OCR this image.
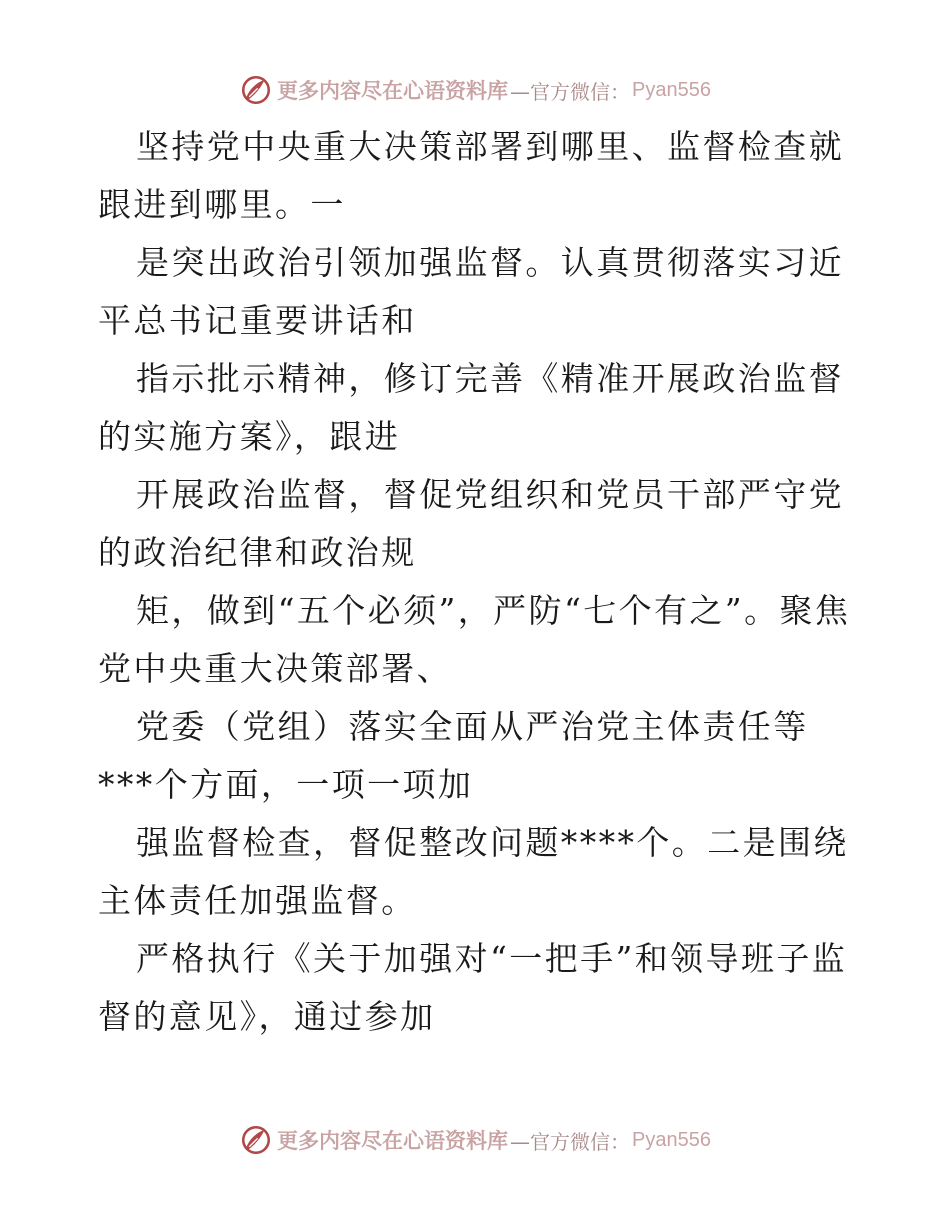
更多内容尽在心语资料库 —官方微信： Pyan556

坚持党中央重大决策部署到哪里、监督检查就跟进到哪里。一

是突出政治引领加强监督。认真贯彻落实习近平总书记重要讲话和

指示批示精神，修订完善《精准开展政治监督的实施方案》，跟进

开展政治监督，督促党组织和党员干部严守党的政治纪律和政治规

矩，做到“五个必须”，严防“七个有之”。聚焦党中央重大决策部署、

党委（党组）落实全面从严治党主体责任等***个方面，一项一项加

强监督检查，督促整改问题****个。二是围绕主体责任加强监督。

严格执行《关于加强对“一把手”和领导班子监督的意见》，通过参加

更多内容尽在心语资料库 —官方微信： Pyan556
